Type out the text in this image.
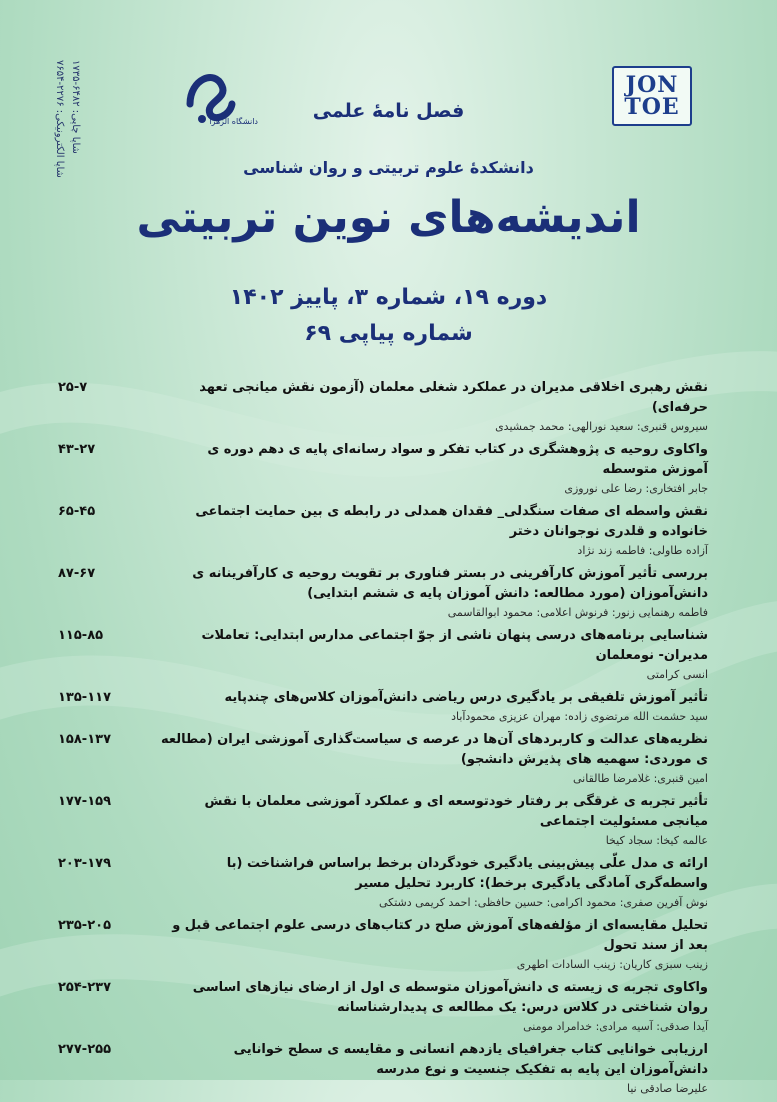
JON
TOE
دانشگاه الزهرا
شاپا چاپی: ۶۴۸۲-۱۷۳۵
شاپا الکترونیکی: ۲۲۷۶-۷۶۵۴	فصل نامهٔ علمی
دانشکدهٔ علوم تربیتی و روان شناسی
اندیشه‌های نوین تربیتی
دوره ۱۹، شماره ۳، پاییز ۱۴۰۲
شماره پیاپی ۶۹
۲۵-۷	نقش رهبری اخلاقی مدیران در عملکرد شغلی معلمان (آزمون نقش میانجی تعهد حرفه‌ای)
سیروس قنبری: سعید نورالهی: محمد جمشیدی
۴۳-۲۷	واکاوی روحیه ی پژوهشگری در کتاب تفکر و سواد رسانه‌ای پایه ی دهم دوره ی آموزش متوسطه
جابر افتخاری: رضا علی نوروزی
۶۵-۴۵	نقش واسطه ای صفات سنگدلی_ فقدان همدلی در رابطه ی بین حمایت اجتماعی خانواده و قلدری نوجوانان دختر
آزاده طاولی: فاطمه زند نژاد
۸۷-۶۷	بررسی تأثیر آموزش کارآفرینی در بستر فناوری بر تقویت روحیه ی کارآفرینانه ی دانش‌آموزان (مورد مطالعه: دانش آموزان پایه ی ششم ابتدایی)
فاطمه رهنمایی زنور: فرنوش اعلامی: محمود ابوالقاسمی
۱۱۵-۸۵	شناسایی برنامه‌های درسی پنهان ناشی از جوّ اجتماعی مدارس ابتدایی: تعاملات مدیران- نومعلمان
انسی کرامتی
۱۳۵-۱۱۷	تأثیر آموزش تلفیقی بر یادگیری درس ریاضی دانش‌آموزان کلاس‌های چندپایه
سید حشمت الله مرتضوی زاده: مهران عزیزی محمودآباد
۱۵۸-۱۳۷	نظریه‌های عدالت و کاربردهای آن‌ها در عرصه ی سیاست‌گذاری آموزشی ایران (مطالعه ی موردی: سهمیه های پذیرش دانشجو)
امین قنبری: غلامرضا طالقانی
۱۷۷-۱۵۹	تأثیر تجربه ی غرقگی بر رفتار خودتوسعه ای و عملکرد آموزشی معلمان با نقش میانجی مسئولیت اجتماعی
عالمه کیخا: سجاد کیخا
۲۰۳-۱۷۹	ارائه ی مدل علّی پیش‌بینی یادگیری خودگردان برخط براساس فراشناخت (با واسطه‌گری آمادگی یادگیری برخط): کاربرد تحلیل مسیر
نوش آفرین صفری: محمود اکرامی: حسین حافظی: احمد کریمی دشتکی
۲۳۵-۲۰۵	تحلیل مقایسه‌ای از مؤلفه‌های آموزش صلح در کتاب‌های درسی علوم اجتماعی قبل و بعد از سند تحول
زینب سبزی کاریان: زینب السادات اطهری
۲۵۴-۲۳۷	واکاوی تجربه ی زیسته ی دانش‌آموزان متوسطه ی اول از ارضای نیازهای اساسی روان شناختی در کلاس درس: یک مطالعه ی پدیدارشناسانه
آیدا صدقی: آسیه مرادی: خدامراد مومنی
۲۷۷-۲۵۵	ارزیابی خوانایی کتاب جغرافیای یازدهم انسانی و مقایسه ی سطح خوانایی دانش‌آموزان این پایه به تفکیک جنسیت و نوع مدرسه
علیرضا صادقی نیا
